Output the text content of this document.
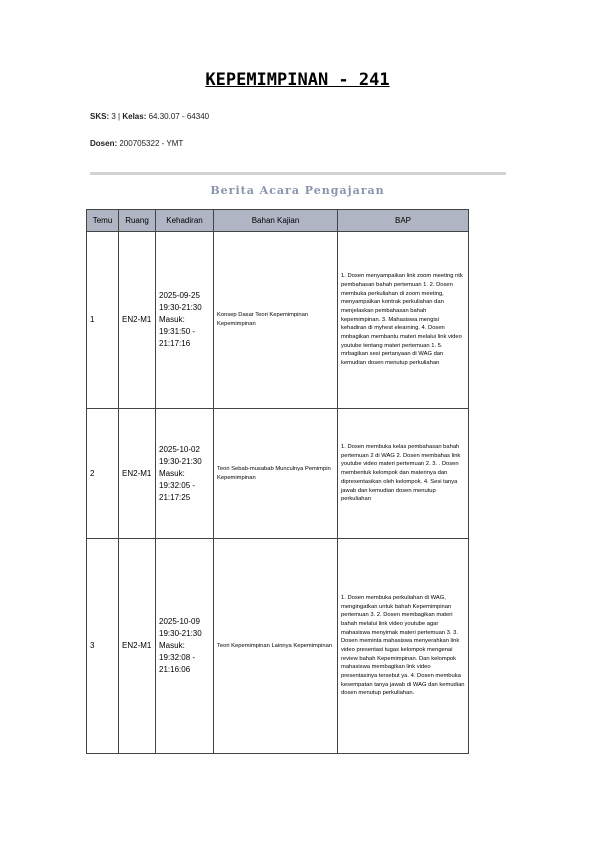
KEPEMIMPINAN - 241
SKS: 3 | Kelas: 64.30.07 - 64340
Dosen: 200705322 - YMT
Berita Acara Pengajaran
Temu	Ruang	Kehadiran	Bahan Kajian	BAP
1	EN2-M1	2025-09-25 19:30-21:30 Masuk: 19:31:50 - 21:17:16	Konsep Dasar Teori Kepemimpinan Kepemimpinan	1. Dosen menyampaikan link zoom meeting ntk pembahasan bahah pertemuan 1. 2. Dosen membuka perkuliahan di zoom meeting, menyampaikan kontrak perkuliahan dan menjelaskan pembahasan bahah kepemimpinan. 3. Mahasiswa mengisi kehadiran di myhest elearning. 4. Dosen mnbagikan membantu materi melalui link video youtube tentang materi pertemuan 1. 5. mrbagikan sesi pertanyaan di WAG dan kemudian dosen menutup perkuliahan
2	EN2-M1	2025-10-02 19:30-21:30 Masuk: 19:32:05 - 21:17:25	Teori Sebab-musabab Munculnya Pemimpin Kepemimpinan	1. Dosen membuka kelas pembahasan bahah pertemuan 2 di WAG 2. Dosen membahas link youtube video materi pertemuan 2. 3. . Dosen membentuk kelompok dan materinya dan dipresentasikan oleh kelompok. 4. Sesi tanya jawab dan kemudian dosen menutup perkuliahan
3	EN2-M1	2025-10-09 19:30-21:30 Masuk: 19:32:08 - 21:16:06	Teori Kepemimpinan Lainnya Kepemimpinan	1. Dosen membuka perkuliahan di WAG, mengingatkan untuk bahah Kepemimpinan pertemuan 3. 2. Dosen membagikan materi bahah melalui link video youtube agar mahasiswa menyimak materi pertemuan 3. 3. Dosen meminta mahasiswa menyerahkan link video presentasi tugas kelompok mengenai review bahah Kepemimpinan. Dan kelompok mahasiswa membagikan link video presentasinya tersebut ya. 4. Dosen membuka kesempatan tanya jawab di WAG dan kemudian dosen menutup perkuliahan.
